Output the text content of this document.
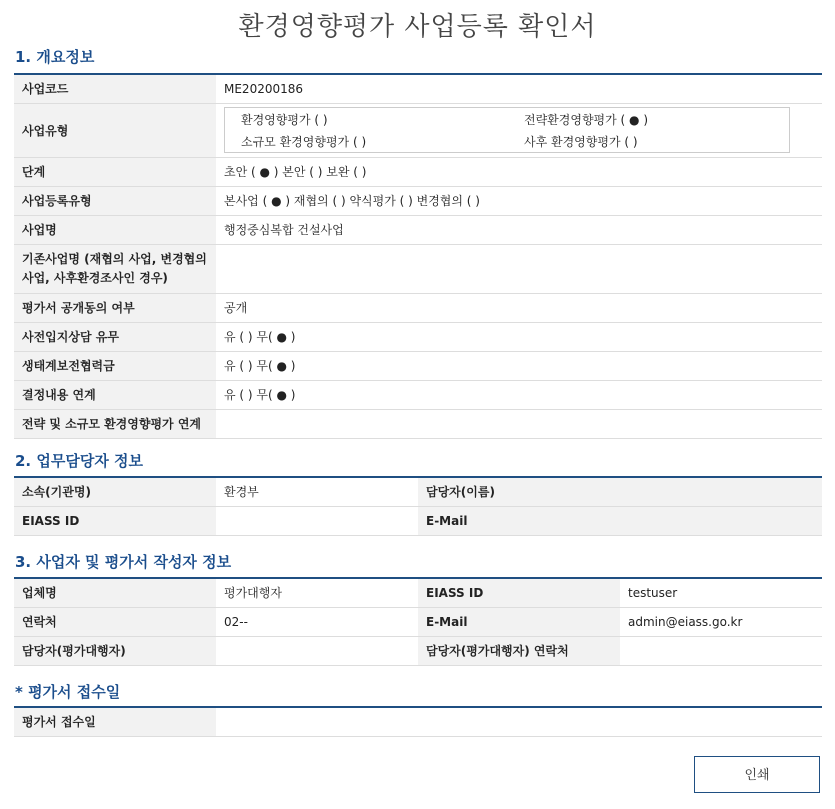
환경영향평가 사업등록 확인서
1. 개요정보
사업코드	ME20200186
사업유형	
환경영향평가 ( )	전략환경영향평가 ( ● )
소규모 환경영향평가 ( )	사후 환경영향평가 ( )

단계	초안 ( ● ) 본안 ( ) 보완 ( )
사업등록유형	본사업 ( ● ) 재협의 ( ) 약식평가 ( ) 변경협의 ( )
사업명	행정중심복합 건설사업
기존사업명 (재협의 사업, 변경협의 사업, 사후환경조사인 경우)	
평가서 공개동의 여부	공개
사전입지상담 유무	유 ( ) 무( ● )
생태계보전협력금	유 ( ) 무( ● )
결정내용 연계	유 ( ) 무( ● )
전략 및 소규모 환경영향평가 연계	
2. 업무담당자 정보
소속(기관명)	환경부	담당자(이름)	
EIASS ID		E-Mail	
3. 사업자 및 평가서 작성자 정보
업체명	평가대행자	EIASS ID	testuser
연락처	02--	E-Mail	admin@eiass.go.kr
담당자(평가대행자)		담당자(평가대행자) 연락처	
* 평가서 접수일
평가서 접수일	
인쇄
